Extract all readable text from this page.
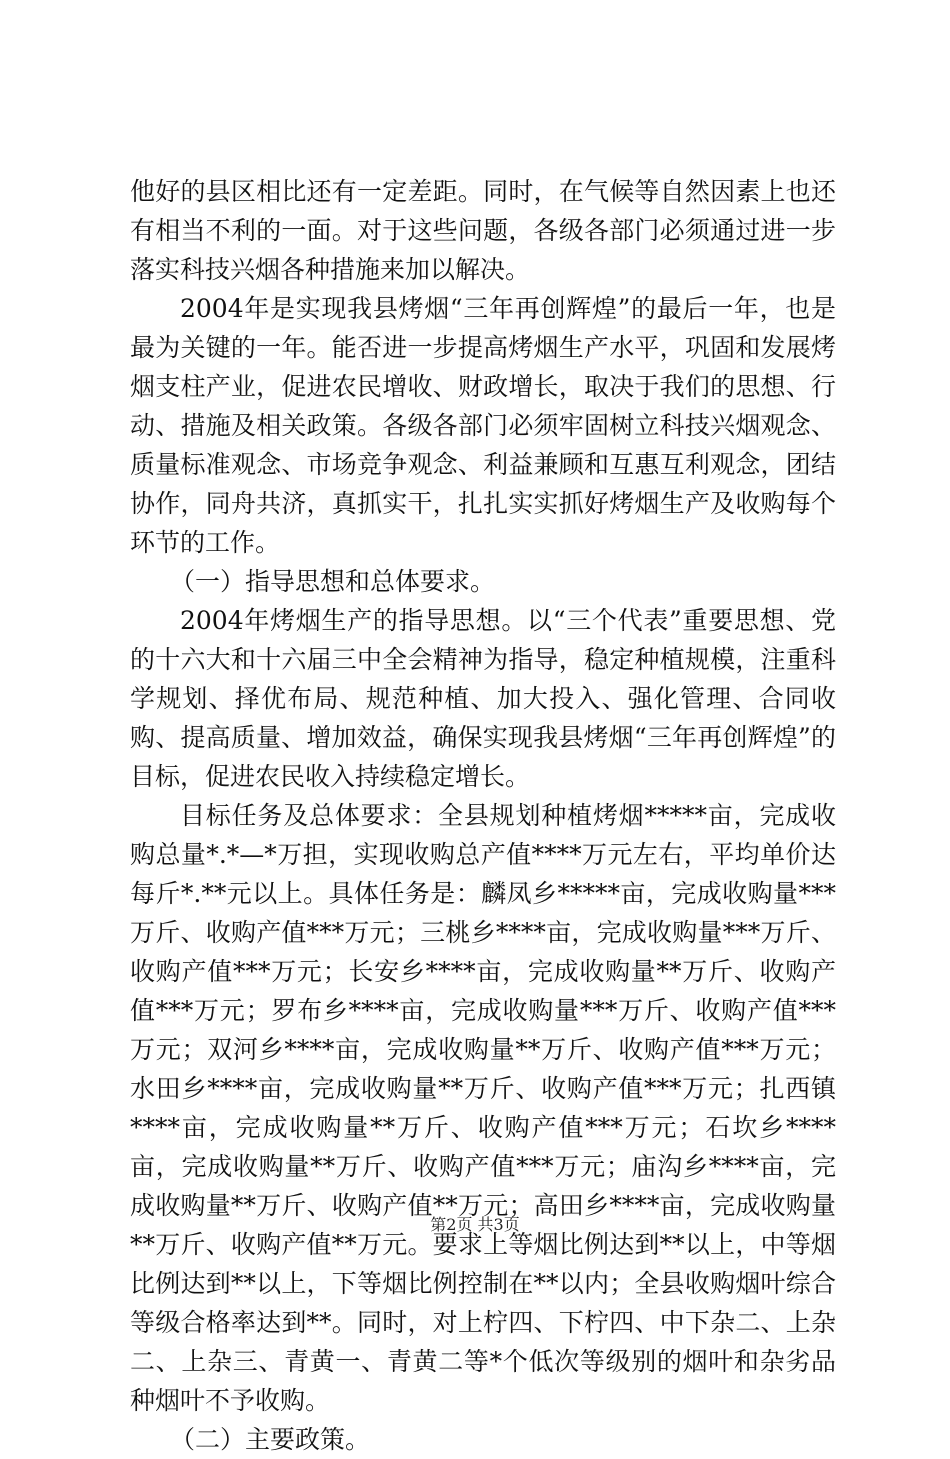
他好的县区相比还有一定差距。同时，在气候等自然因素上也还有相当不利的一面。对于这些问题，各级各部门必须通过进一步落实科技兴烟各种措施来加以解决。

2004年是实现我县烤烟“三年再创辉煌”的最后一年，也是最为关键的一年。能否进一步提高烤烟生产水平，巩固和发展烤烟支柱产业，促进农民增收、财政增长，取决于我们的思想、行动、措施及相关政策。各级各部门必须牢固树立科技兴烟观念、质量标准观念、市场竞争观念、利益兼顾和互惠互利观念，团结协作，同舟共济，真抓实干，扎扎实实抓好烤烟生产及收购每个环节的工作。

（一）指导思想和总体要求。

2004年烤烟生产的指导思想。以“三个代表”重要思想、党的十六大和十六届三中全会精神为指导，稳定种植规模，注重科学规划、择优布局、规范种植、加大投入、强化管理、合同收购、提高质量、增加效益，确保实现我县烤烟“三年再创辉煌”的目标，促进农民收入持续稳定增长。

目标任务及总体要求：全县规划种植烤烟*****亩，完成收购总量*.*—*万担，实现收购总产值****万元左右，平均单价达每斤*.**元以上。具体任务是：麟凤乡*****亩，完成收购量***万斤、收购产值***万元；三桃乡****亩，完成收购量***万斤、收购产值***万元；长安乡****亩，完成收购量**万斤、收购产值***万元；罗布乡****亩，完成收购量***万斤、收购产值***万元；双河乡****亩，完成收购量**万斤、收购产值***万元；水田乡****亩，完成收购量**万斤、收购产值***万元；扎西镇****亩，完成收购量**万斤、收购产值***万元；石坎乡****亩，完成收购量**万斤、收购产值***万元；庙沟乡****亩，完成收购量**万斤、收购产值**万元；高田乡****亩，完成收购量**万斤、收购产值**万元。要求上等烟比例达到**以上，中等烟比例达到**以上，下等烟比例控制在**以内；全县收购烟叶综合等级合格率达到**。同时，对上柠四、下柠四、中下杂二、上杂二、上杂三、青黄一、青黄二等*个低次等级别的烟叶和杂劣品种烟叶不予收购。

（二）主要政策。

第2页 共3页
